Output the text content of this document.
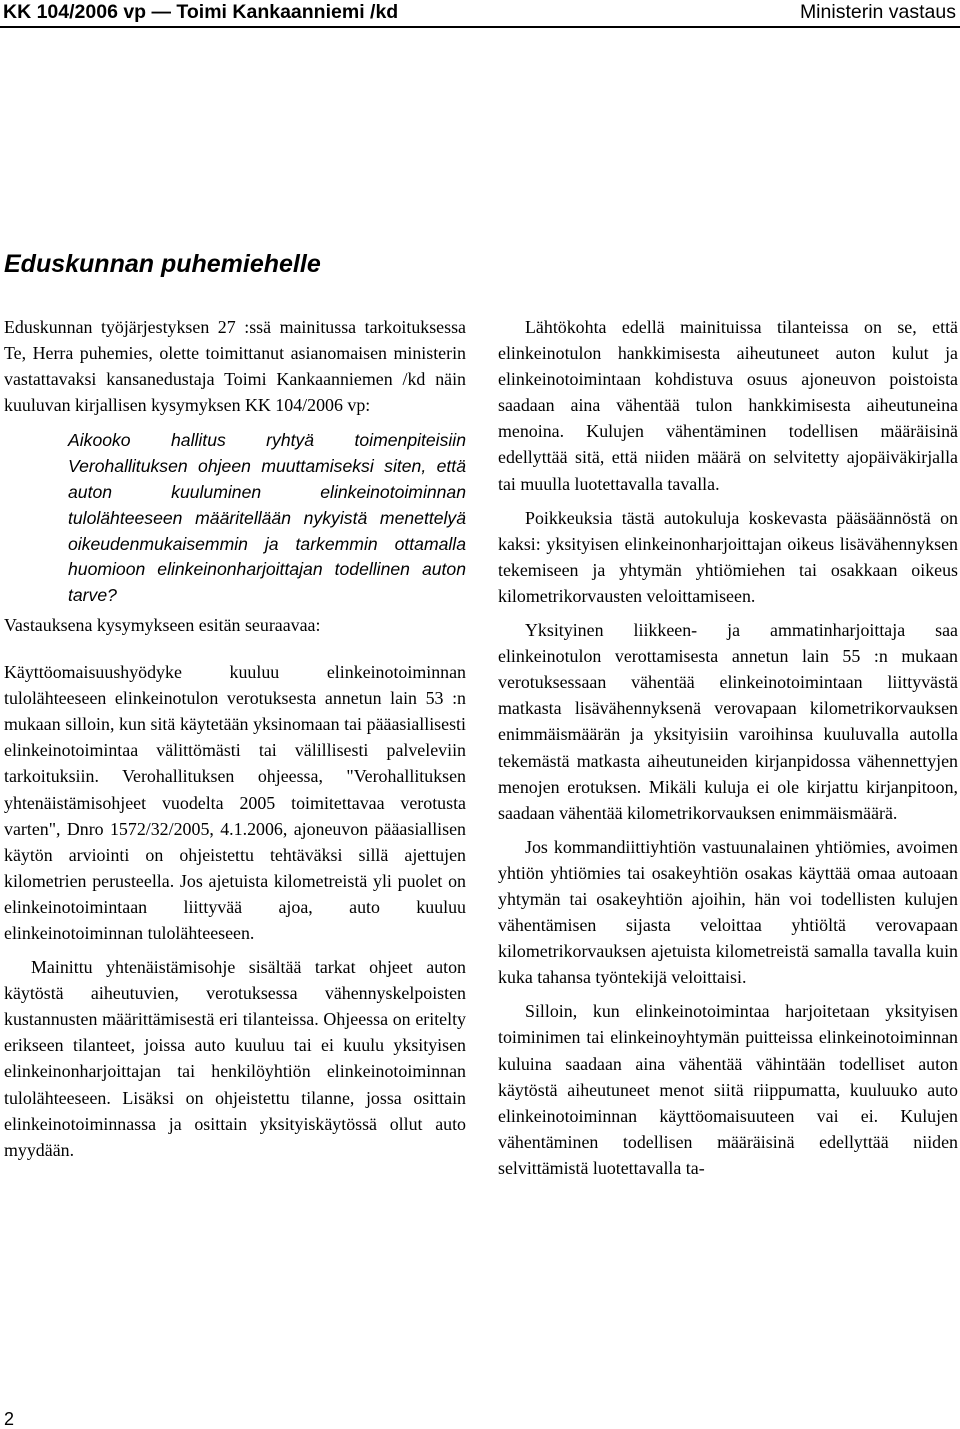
KK 104/2006 vp — Toimi Kankaanniemi /kd	Ministerin vastaus
Eduskunnan puhemiehelle

Eduskunnan työjärjestyksen 27 :ssä mainitussa tarkoituksessa Te, Herra puhemies, olette toimittanut asianomaisen ministerin vastattavaksi kansanedustaja Toimi Kankaanniemen /kd näin kuuluvan kirjallisen kysymyksen KK 104/2006 vp:

Aikooko hallitus ryhtyä toimenpiteisiin Verohallituksen ohjeen muuttamiseksi siten, että auton kuuluminen elinkeinotoiminnan tulolähteeseen määritellään nykyistä menettelyä oikeudenmukaisemmin ja tarkemmin ottamalla huomioon elinkeinonharjoittajan todellinen auton tarve?

Vastauksena kysymykseen esitän seuraavaa:

Käyttöomaisuushyödyke kuuluu elinkeinotoiminnan tulolähteeseen elinkeinotulon verotuksesta annetun lain 53 :n mukaan silloin, kun sitä käytetään yksinomaan tai pääasiallisesti elinkeinotoimintaa välittömästi tai välillisesti palveleviin tarkoituksiin. Verohallituksen ohjeessa, "Verohallituksen yhtenäistämisohjeet vuodelta 2005 toimitettavaa verotusta varten", Dnro 1572/32/2005, 4.1.2006, ajoneuvon pääasiallisen käytön arviointi on ohjeistettu tehtäväksi sillä ajettujen kilometrien perusteella. Jos ajetuista kilometreistä yli puolet on elinkeinotoimintaan liittyvää ajoa, auto kuuluu elinkeinotoiminnan tulolähteeseen.

Mainittu yhtenäistämisohje sisältää tarkat ohjeet auton käytöstä aiheutuvien, verotuksessa vähennyskelpoisten kustannusten määrittämisestä eri tilanteissa. Ohjeessa on eritelty erikseen tilanteet, joissa auto kuuluu tai ei kuulu yksityisen elinkeinonharjoittajan tai henkilöyhtiön elinkeinotoiminnan tulolähteeseen. Lisäksi on ohjeistettu tilanne, jossa osittain elinkeinotoiminnassa ja osittain yksityiskäytössä ollut auto myydään.

Lähtökohta edellä mainituissa tilanteissa on se, että elinkeinotulon hankkimisesta aiheutuneet auton kulut ja elinkeinotoimintaan kohdistuva osuus ajoneuvon poistoista saadaan aina vähentää tulon hankkimisesta aiheutuneina menoina. Kulujen vähentäminen todellisen määräisinä edellyttää sitä, että niiden määrä on selvitetty ajopäiväkirjalla tai muulla luotettavalla tavalla.

Poikkeuksia tästä autokuluja koskevasta pääsäännöstä on kaksi: yksityisen elinkeinonharjoittajan oikeus lisävähennyksen tekemiseen ja yhtymän yhtiömiehen tai osakkaan oikeus kilometrikorvausten veloittamiseen.

Yksityinen liikkeen- ja ammatinharjoittaja saa elinkeinotulon verottamisesta annetun lain 55 :n mukaan verotuksessaan vähentää elinkeinotoimintaan liittyvästä matkasta lisävähennyksenä verovapaan kilometrikorvauksen enimmäismäärän ja yksityisiin varoihinsa kuuluvalla autolla tekemästä matkasta aiheutuneiden kirjanpidossa vähennettyjen menojen erotuksen. Mikäli kuluja ei ole kirjattu kirjanpitoon, saadaan vähentää kilometrikorvauksen enimmäismäärä.

Jos kommandiittiyhtiön vastuunalainen yhtiömies, avoimen yhtiön yhtiömies tai osakeyhtiön osakas käyttää omaa autoaan yhtymän tai osakeyhtiön ajoihin, hän voi todellisten kulujen vähentämisen sijasta veloittaa yhtiöltä verovapaan kilometrikorvauksen ajetuista kilometreistä samalla tavalla kuin kuka tahansa työntekijä veloittaisi.

Silloin, kun elinkeinotoimintaa harjoitetaan yksityisen toiminimen tai elinkeinoyhtymän puitteissa elinkeinotoiminnan kuluina saadaan aina vähentää vähintään todelliset auton käytöstä aiheutuneet menot siitä riippumatta, kuuluuko auto elinkeinotoiminnan käyttöomaisuuteen vai ei. Kulujen vähentäminen todellisen määräisinä edellyttää niiden selvittämistä luotettavalla ta-

2
